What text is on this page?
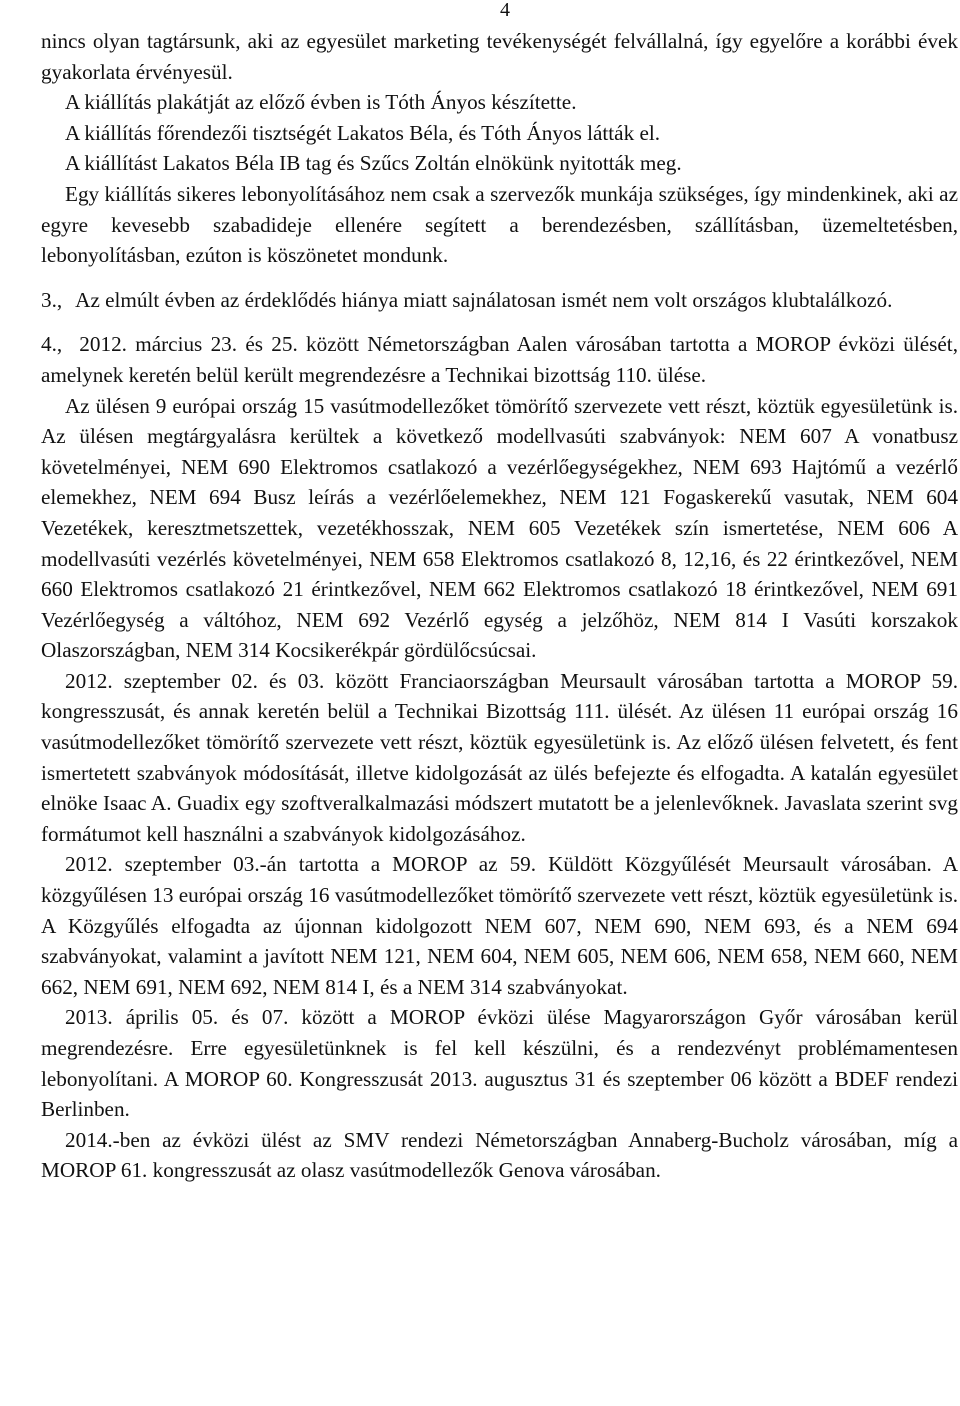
4

nincs olyan tagtársunk, aki az egyesület marketing tevékenységét felvállalná, így egyelőre a korábbi évek gyakorlata érvényesül.

A kiállítás plakátját az előző évben is Tóth Ányos készítette.

A kiállítás főrendezői tisztségét Lakatos Béla, és Tóth Ányos látták el.

A kiállítást Lakatos Béla IB tag és Szűcs Zoltán elnökünk nyitották meg.

Egy kiállítás sikeres lebonyolításához nem csak a szervezők munkája szükséges, így mindenkinek, aki az egyre kevesebb szabadideje ellenére segített a berendezésben, szállításban, üzemeltetésben, lebonyolításban, ezúton is köszönetet mondunk.

3., Az elmúlt évben az érdeklődés hiánya miatt sajnálatosan ismét nem volt országos klubtalálkozó.

4., 2012. március 23. és 25. között Németországban Aalen városában tartotta a MOROP évközi ülését, amelynek keretén belül került megrendezésre a Technikai bizottság 110. ülése.

Az ülésen 9 európai ország 15 vasútmodellezőket tömörítő szervezete vett részt, köztük egyesületünk is. Az ülésen megtárgyalásra kerültek a következő modellvasúti szabványok: NEM 607 A vonatbusz követelményei, NEM 690 Elektromos csatlakozó a vezérlőegységekhez, NEM 693 Hajtómű a vezérlő elemekhez, NEM 694 Busz leírás a vezérlőelemekhez, NEM 121 Fogaskerekű vasutak, NEM 604 Vezetékek, keresztmetszettek, vezetékhosszak, NEM 605 Vezetékek szín ismertetése, NEM 606 A modellvasúti vezérlés követelményei, NEM 658 Elektromos csatlakozó 8, 12,16, és 22 érintkezővel, NEM 660 Elektromos csatlakozó 21 érintkezővel, NEM 662 Elektromos csatlakozó 18 érintkezővel, NEM 691 Vezérlőegység a váltóhoz, NEM 692 Vezérlő egység a jelzőhöz, NEM 814 I Vasúti korszakok Olaszországban, NEM 314 Kocsikerékpár gördülőcsúcsai.

2012. szeptember 02. és 03. között Franciaországban Meursault városában tartotta a MOROP 59. kongresszusát, és annak keretén belül a Technikai Bizottság 111. ülését. Az ülésen 11 európai ország 16 vasútmodellezőket tömörítő szervezete vett részt, köztük egyesületünk is. Az előző ülésen felvetett, és fent ismertetett szabványok módosítását, illetve kidolgozását az ülés befejezte és elfogadta. A katalán egyesület elnöke Isaac A. Guadix egy szoftveralkalmazási módszert mutatott be a jelenlevőknek. Javaslata szerint svg formátumot kell használni a szabványok kidolgozásához.

2012. szeptember 03.-án tartotta a MOROP az 59. Küldött Közgyűlését Meursault városában. A közgyűlésen 13 európai ország 16 vasútmodellezőket tömörítő szervezete vett részt, köztük egyesületünk is. A Közgyűlés elfogadta az újonnan kidolgozott NEM 607, NEM 690, NEM 693, és a NEM 694 szabványokat, valamint a javított NEM 121, NEM 604, NEM 605, NEM 606, NEM 658, NEM 660, NEM 662, NEM 691, NEM 692, NEM 814 I, és a NEM 314 szabványokat.

2013. április 05. és 07. között a MOROP évközi ülése Magyarországon Győr városában kerül megrendezésre. Erre egyesületünknek is fel kell készülni, és a rendezvényt problémamentesen lebonyolítani. A MOROP 60. Kongresszusát 2013. augusztus 31 és szeptember 06 között a BDEF rendezi Berlinben.

2014.-ben az évközi ülést az SMV rendezi Németországban Annaberg-Bucholz városában, míg a MOROP 61. kongresszusát az olasz vasútmodellezők Genova városában.
